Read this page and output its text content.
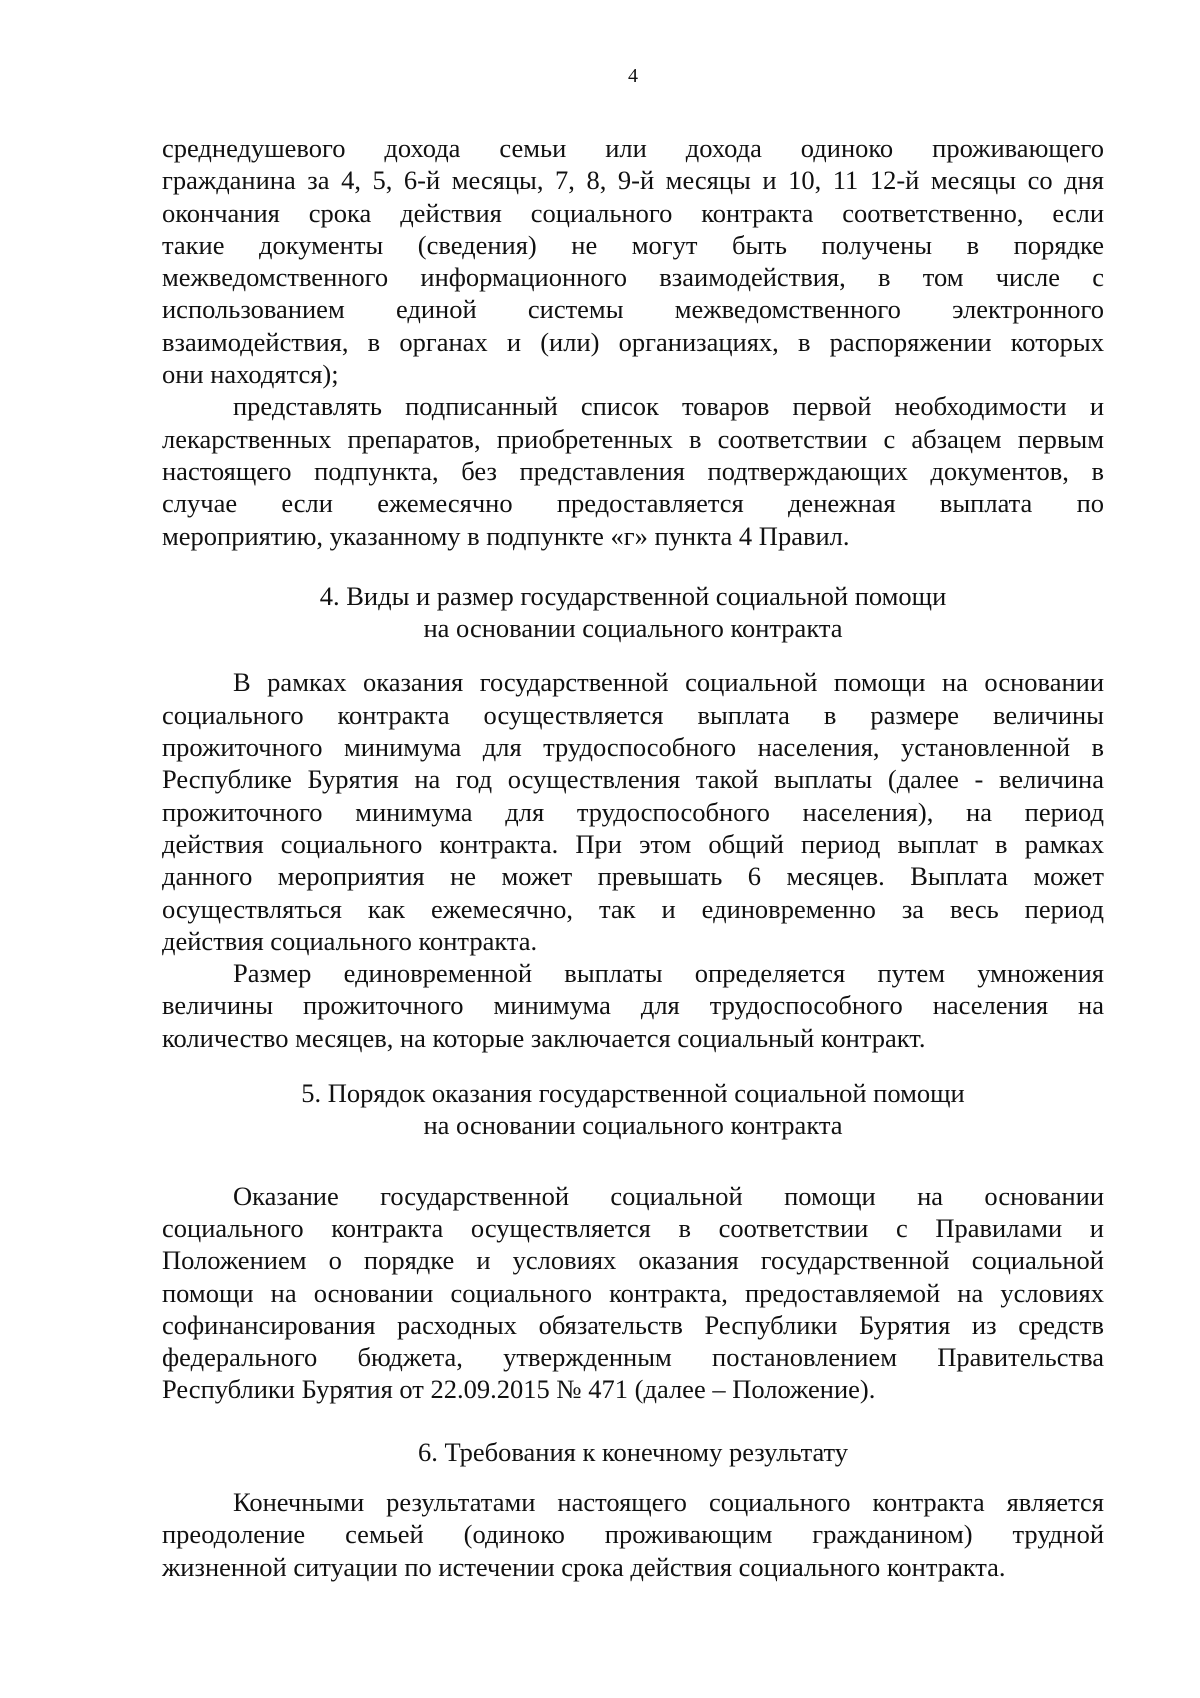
4

среднедушевого дохода семьи или дохода одиноко проживающего

гражданина за 4, 5, 6-й месяцы, 7, 8, 9-й месяцы и 10, 11 12-й месяцы со дня

окончания срока действия социального контракта соответственно, если

такие документы (сведения) не могут быть получены в порядке

межведомственного информационного взаимодействия, в том числе с

использованием единой системы межведомственного электронного

взаимодействия, в органах и (или) организациях, в распоряжении которых

они находятся);

представлять подписанный список товаров первой необходимости и

лекарственных препаратов, приобретенных в соответствии с абзацем первым

настоящего подпункта, без представления подтверждающих документов, в

случае если ежемесячно предоставляется денежная выплата по

мероприятию, указанному в подпункте «г» пункта 4 Правил.

4. Виды и размер государственной социальной помощи
на основании социального контракта

В рамках оказания государственной социальной помощи на основании

социального контракта осуществляется выплата в размере величины

прожиточного минимума для трудоспособного населения, установленной в

Республике Бурятия на год осуществления такой выплаты (далее - величина

прожиточного минимума для трудоспособного населения), на период

действия социального контракта. При этом общий период выплат в рамках

данного мероприятия не может превышать 6 месяцев. Выплата может

осуществляться как ежемесячно, так и единовременно за весь период

действия социального контракта.

Размер единовременной выплаты определяется путем умножения

величины прожиточного минимума для трудоспособного населения на

количество месяцев, на которые заключается социальный контракт.

5. Порядок оказания государственной социальной помощи
на основании социального контракта

Оказание государственной социальной помощи на основании

социального контракта осуществляется в соответствии с Правилами и

Положением о порядке и условиях оказания государственной социальной

помощи на основании социального контракта, предоставляемой на условиях

софинансирования расходных обязательств Республики Бурятия из средств

федерального бюджета, утвержденным постановлением Правительства

Республики Бурятия от 22.09.2015 № 471 (далее – Положение).

6. Требования к конечному результату

Конечными результатами настоящего социального контракта является

преодоление семьей (одиноко проживающим гражданином) трудной

жизненной ситуации по истечении срока действия социального контракта.
